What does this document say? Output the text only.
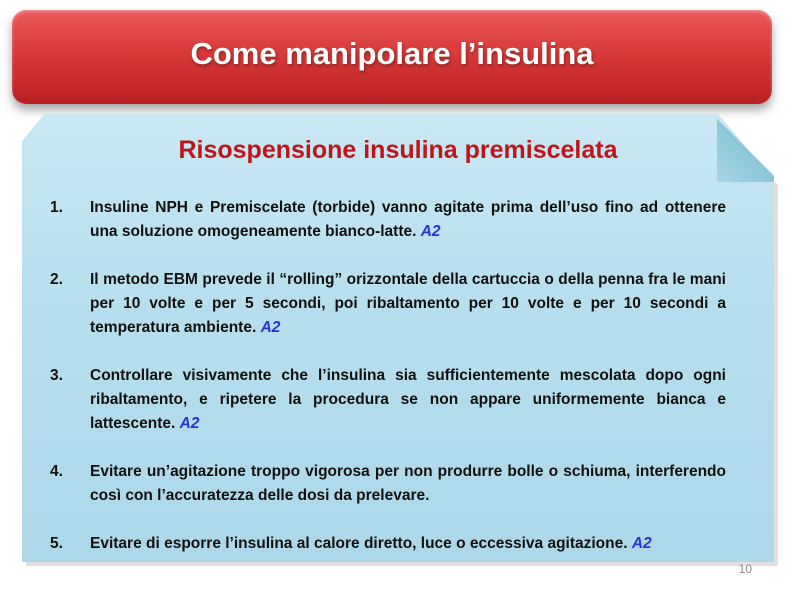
Come manipolare l’insulina
Risospensione insulina premiscelata
1.	Insuline NPH e Premiscelate (torbide) vanno agitate prima dell’uso fino ad ottenere una soluzione omogeneamente bianco-latte. A2
2.	Il metodo EBM prevede il “rolling” orizzontale della cartuccia o della penna fra le mani per 10 volte e per 5 secondi, poi ribaltamento per 10 volte e per 10 secondi a temperatura ambiente. A2
3.	Controllare visivamente che l’insulina sia sufficientemente mescolata dopo ogni ribaltamento, e ripetere la procedura se non appare uniformemente bianca e lattescente. A2
4.	Evitare un’agitazione troppo vigorosa per non produrre bolle o schiuma, interferendo così con l’accuratezza delle dosi da prelevare.
5.	Evitare di esporre l’insulina al calore diretto, luce o eccessiva agitazione. A2
10
